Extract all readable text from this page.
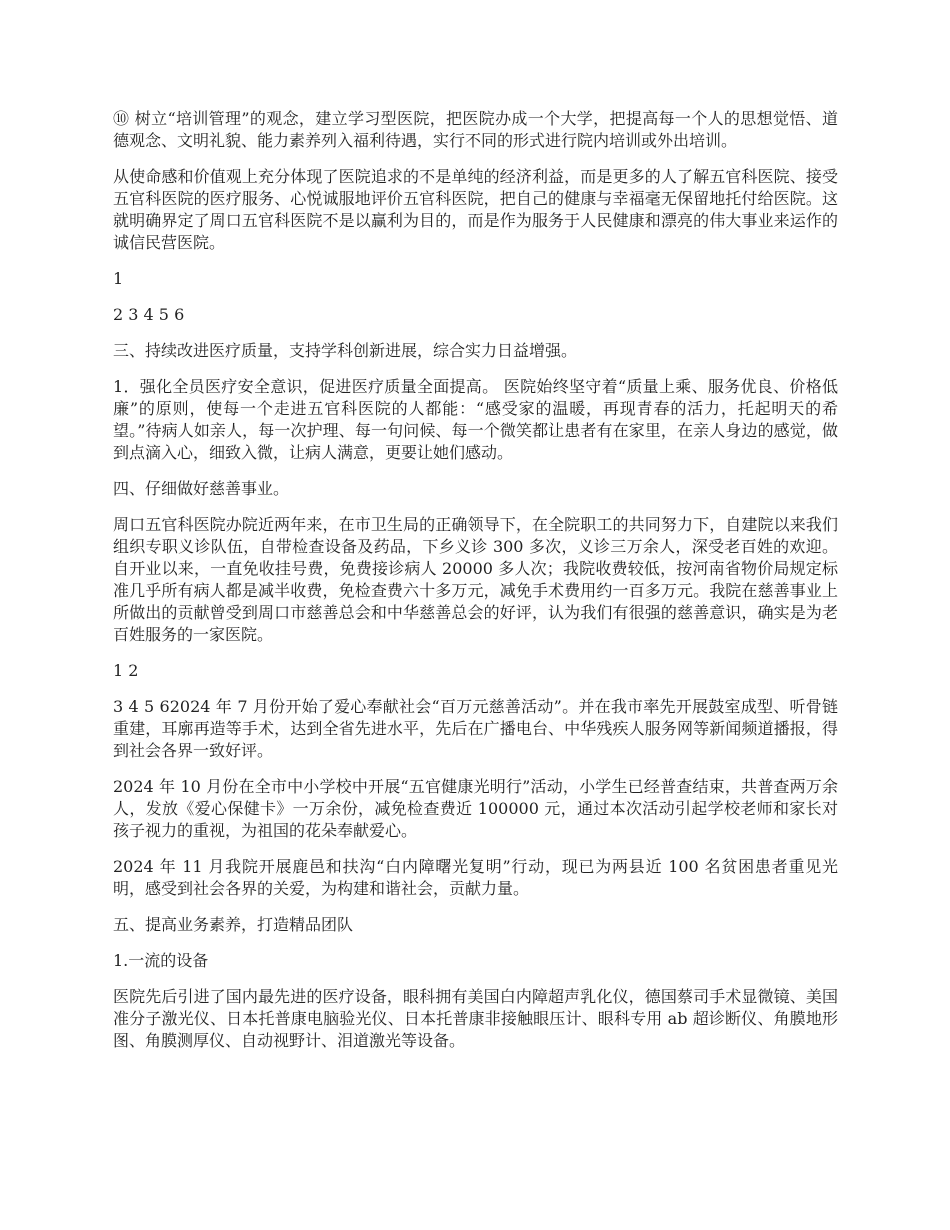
⑩ 树立“培训管理”的观念，建立学习型医院，把医院办成一个大学，把提高每一个人的思想觉悟、道德观念、文明礼貌、能力素养列入福利待遇，实行不同的形式进行院内培训或外出培训。

从使命感和价值观上充分体现了医院追求的不是单纯的经济利益，而是更多的人了解五官科医院、接受五官科医院的医疗服务、心悦诚服地评价五官科医院，把自己的健康与幸福毫无保留地托付给医院。这就明确界定了周口五官科医院不是以赢利为目的，而是作为服务于人民健康和漂亮的伟大事业来运作的诚信民营医院。

1

2 3 4 5 6

三、持续改进医疗质量，支持学科创新进展，综合实力日益增强。

1．强化全员医疗安全意识，促进医疗质量全面提高。 医院始终坚守着“质量上乘、服务优良、价格低廉”的原则，使每一个走进五官科医院的人都能：“感受家的温暖，再现青春的活力，托起明天的希望。”待病人如亲人，每一次护理、每一句问候、每一个微笑都让患者有在家里，在亲人身边的感觉，做到点滴入心，细致入微，让病人满意，更要让她们感动。

四、仔细做好慈善事业。

周口五官科医院办院近两年来，在市卫生局的正确领导下，在全院职工的共同努力下，自建院以来我们组织专职义诊队伍，自带检查设备及药品，下乡义诊 300 多次，义诊三万余人，深受老百姓的欢迎。自开业以来，一直免收挂号费，免费接诊病人 20000 多人次；我院收费较低，按河南省物价局规定标准几乎所有病人都是减半收费，免检查费六十多万元，减免手术费用约一百多万元。我院在慈善事业上所做出的贡献曾受到周口市慈善总会和中华慈善总会的好评，认为我们有很强的慈善意识，确实是为老百姓服务的一家医院。

1 2

3 4 5 62024 年 7 月份开始了爱心奉献社会“百万元慈善活动”。并在我市率先开展鼓室成型、听骨链重建，耳廓再造等手术，达到全省先进水平，先后在广播电台、中华残疾人服务网等新闻频道播报，得到社会各界一致好评。

2024 年 10 月份在全市中小学校中开展“五官健康光明行”活动，小学生已经普查结束，共普查两万余人，发放《爱心保健卡》一万余份，减免检查费近 100000 元，通过本次活动引起学校老师和家长对孩子视力的重视，为祖国的花朵奉献爱心。

2024 年 11 月我院开展鹿邑和扶沟“白内障曙光复明”行动，现已为两县近 100 名贫困患者重见光明，感受到社会各界的关爱，为构建和谐社会，贡献力量。

五、提高业务素养，打造精品团队

1.一流的设备

医院先后引进了国内最先进的医疗设备，眼科拥有美国白内障超声乳化仪，德国蔡司手术显微镜、美国准分子激光仪、日本托普康电脑验光仪、日本托普康非接触眼压计、眼科专用 ab 超诊断仪、角膜地形图、角膜测厚仪、自动视野计、泪道激光等设备。
